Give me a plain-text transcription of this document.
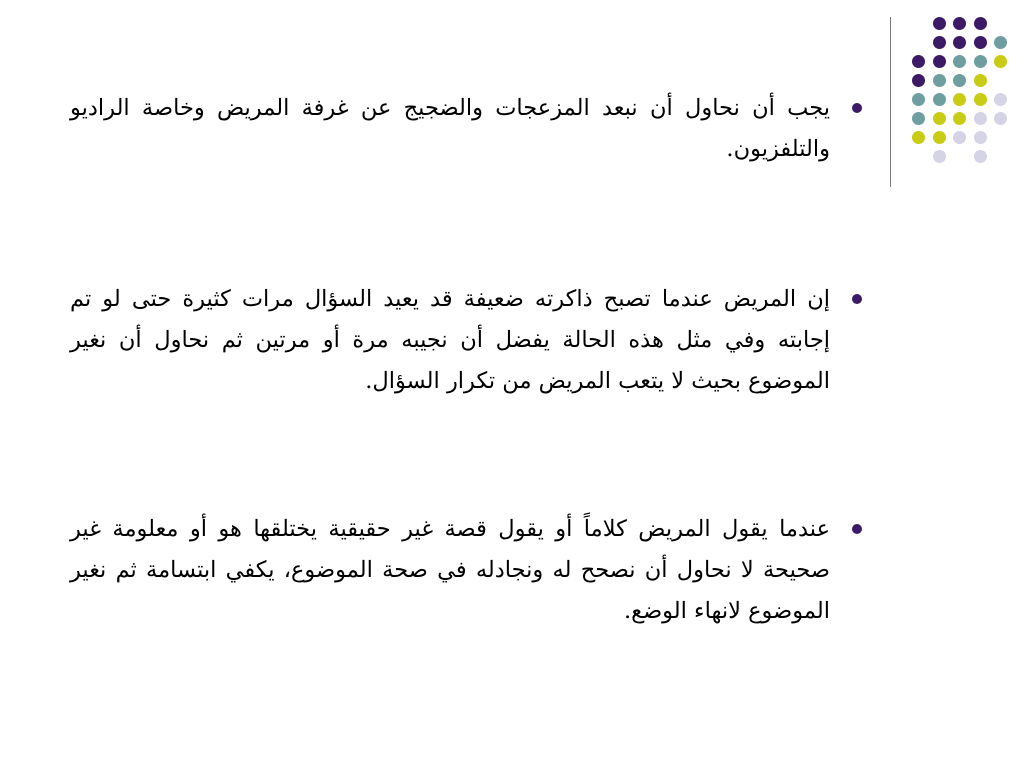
يجب أن نحاول أن نبعد المزعجات والضجيج عن غرفة المريض وخاصة الراديو والتلفزيون.
إن المريض عندما تصبح ذاكرته ضعيفة قد يعيد السؤال مرات كثيرة حتى لو تم إجابته وفي مثل هذه الحالة يفضل أن نجيبه مرة أو مرتين ثم نحاول أن نغير الموضوع بحيث لا يتعب المريض من تكرار السؤال.
عندما يقول المريض كلاماً أو يقول قصة غير حقيقية يختلقها هو أو معلومة غير صحيحة لا نحاول أن نصحح له ونجادله في صحة الموضوع، يكفي ابتسامة ثم نغير الموضوع لانهاء الوضع.
